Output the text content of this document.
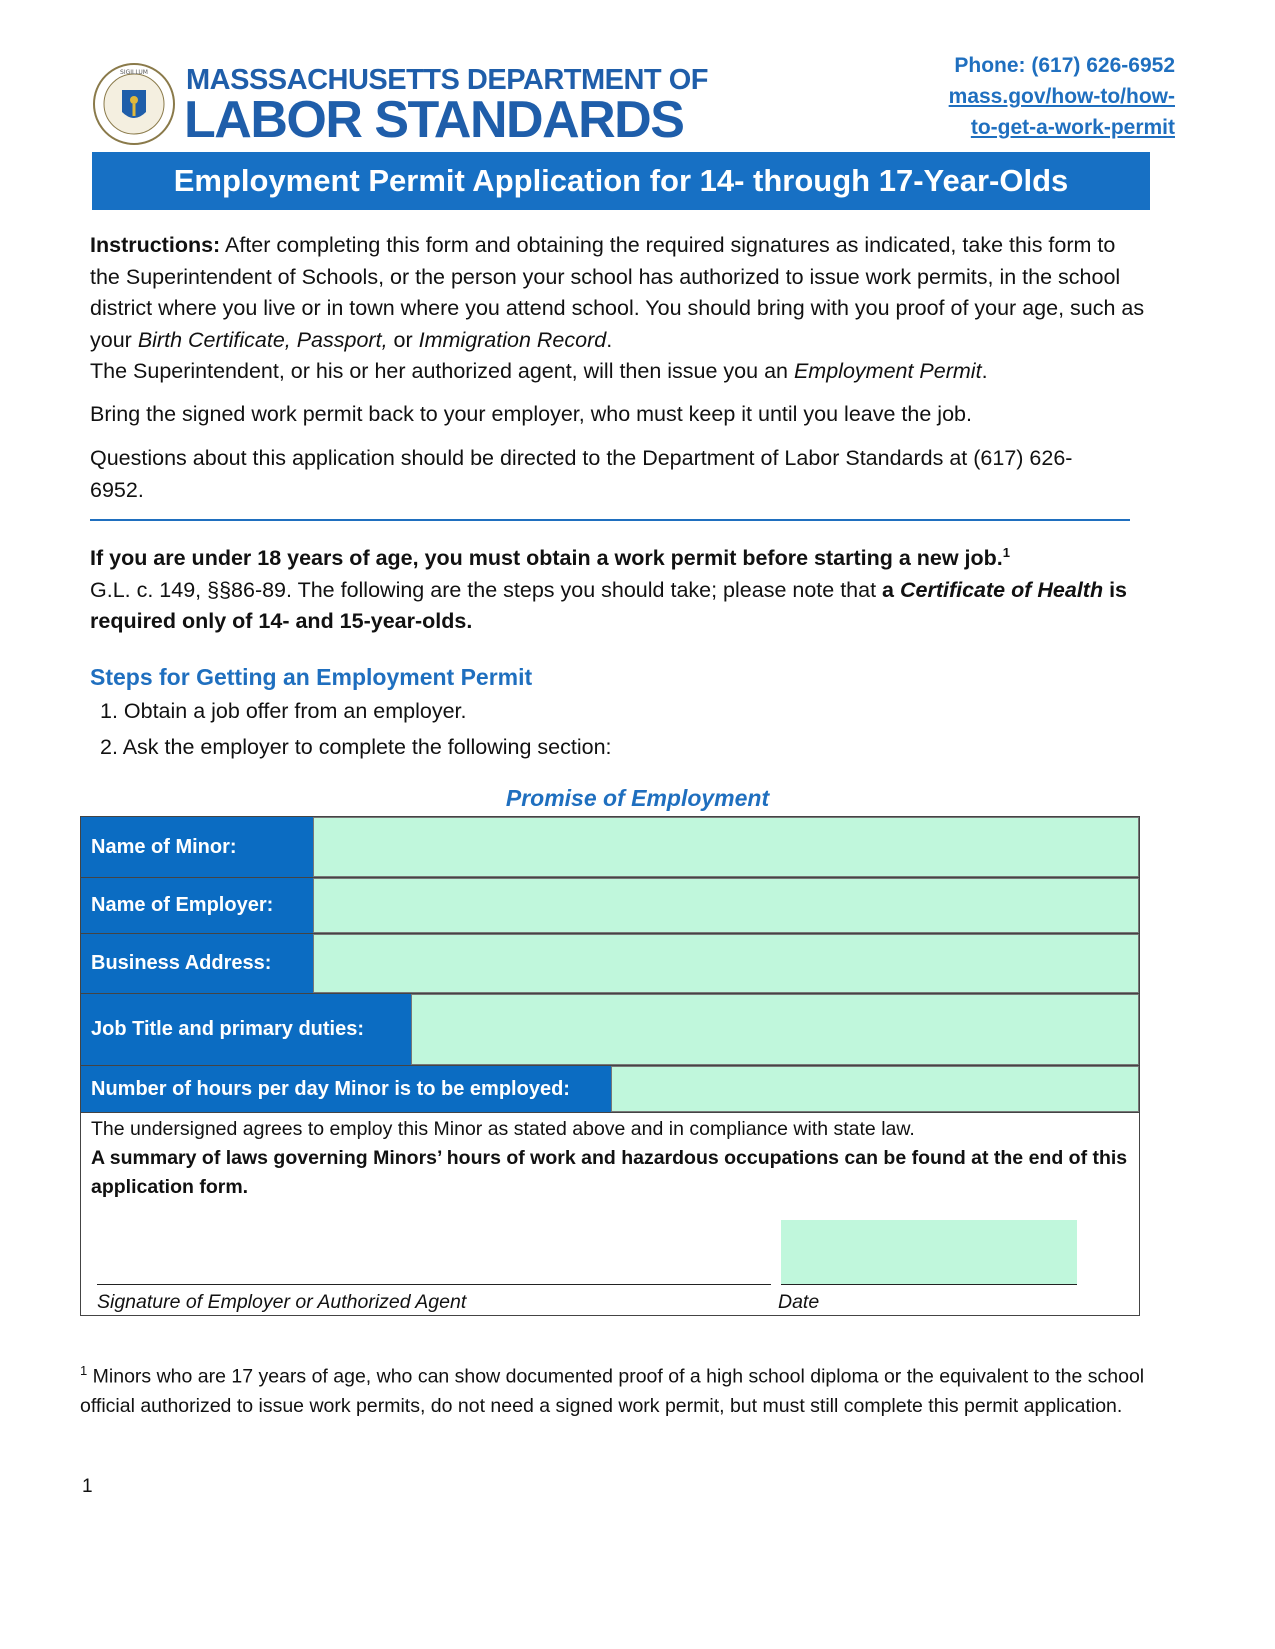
SIGILLUM MASSSACHUSETTS DEPARTMENT OF
LABOR STANDARDS
Phone: (617) 626-6952
mass.gov/how-to/how-
to-get-a-work-permit
Employment Permit Application for 14- through 17-Year-Olds
Instructions: After completing this form and obtaining the required signatures as indicated, take this form to the Superintendent of Schools, or the person your school has authorized to issue work permits, in the school district where you live or in town where you attend school. You should bring with you proof of your age, such as your Birth Certificate, Passport, or Immigration Record.
The Superintendent, or his or her authorized agent, will then issue you an Employment Permit.
Bring the signed work permit back to your employer, who must keep it until you leave the job.
Questions about this application should be directed to the Department of Labor Standards at (617) 626-6952.
If you are under 18 years of age, you must obtain a work permit before starting a new job.$^1$
G.L. c. 149, §§86-89. The following are the steps you should take; please note that a Certificate of Health is required only of 14- and 15-year-olds.
Steps for Getting an Employment Permit
1. Obtain a job offer from an employer.
2. Ask the employer to complete the following section:
Promise of Employment
Name of Minor:
Name of Employer:
Business Address:
Job Title and primary duties:
Number of hours per day Minor is to be employed:
The undersigned agrees to employ this Minor as stated above and in compliance with state law.
A summary of laws governing Minors’ hours of work and hazardous occupations can be found at the end of this application form.
Signature of Employer or Authorized Agent	Date
$^1$ Minors who are 17 years of age, who can show documented proof of a high school diploma or the equivalent to the school official authorized to issue work permits, do not need a signed work permit, but must still complete this permit application.
1
